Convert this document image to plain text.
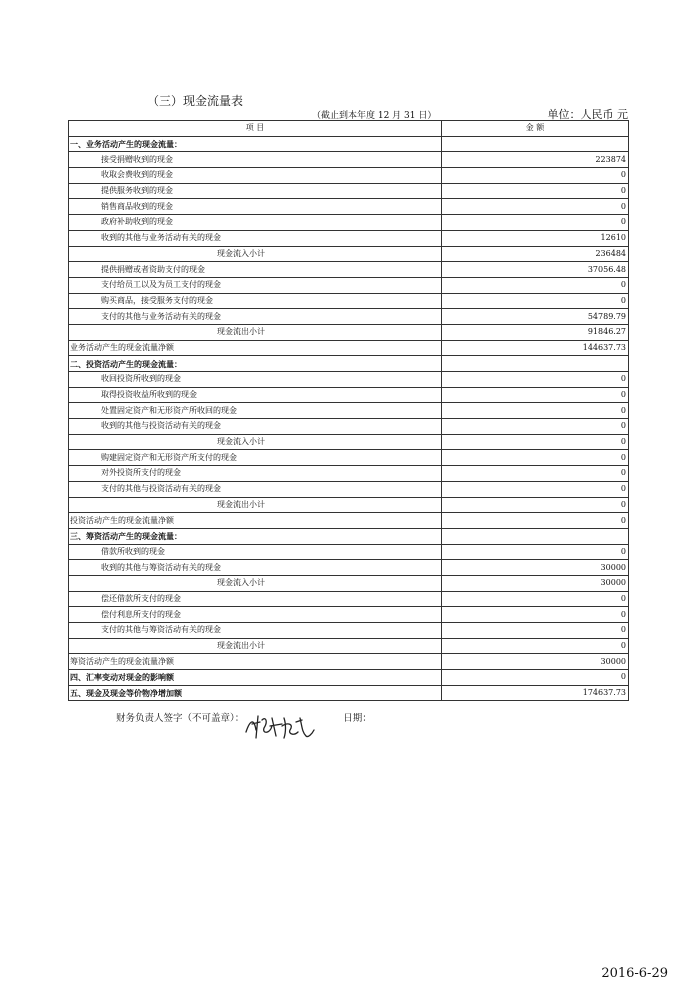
（三）现金流量表
（截止到本年度 12 月 31 日）	单位：人民币 元
项 目	金 额
一、业务活动产生的现金流量：	
接受捐赠收到的现金	223874
收取会费收到的现金	0
提供服务收到的现金	0
销售商品收到的现金	0
政府补助收到的现金	0
收到的其他与业务活动有关的现金	12610
现金流入小计	236484
提供捐赠或者资助支付的现金	37056.48
支付给员工以及为员工支付的现金	0
购买商品，接受服务支付的现金	0
支付的其他与业务活动有关的现金	54789.79
现金流出小计	91846.27
业务活动产生的现金流量净额	144637.73
二、投资活动产生的现金流量：	
收回投资所收到的现金	0
取得投资收益所收到的现金	0
处置固定资产和无形资产所收回的现金	0
收到的其他与投资活动有关的现金	0
现金流入小计	0
购建固定资产和无形资产所支付的现金	0
对外投资所支付的现金	0
支付的其他与投资活动有关的现金	0
现金流出小计	0
投资活动产生的现金流量净额	0
三、筹资活动产生的现金流量：	
借款所收到的现金	0
收到的其他与筹资活动有关的现金	30000
现金流入小计	30000
偿还借款所支付的现金	0
偿付利息所支付的现金	0
支付的其他与筹资活动有关的现金	0
现金流出小计	0
筹资活动产生的现金流量净额	30000
四、汇率变动对现金的影响额	0
五、现金及现金等价物净增加额	174637.73
财务负责人签字（不可盖章）：	日期：
2016-6-29
